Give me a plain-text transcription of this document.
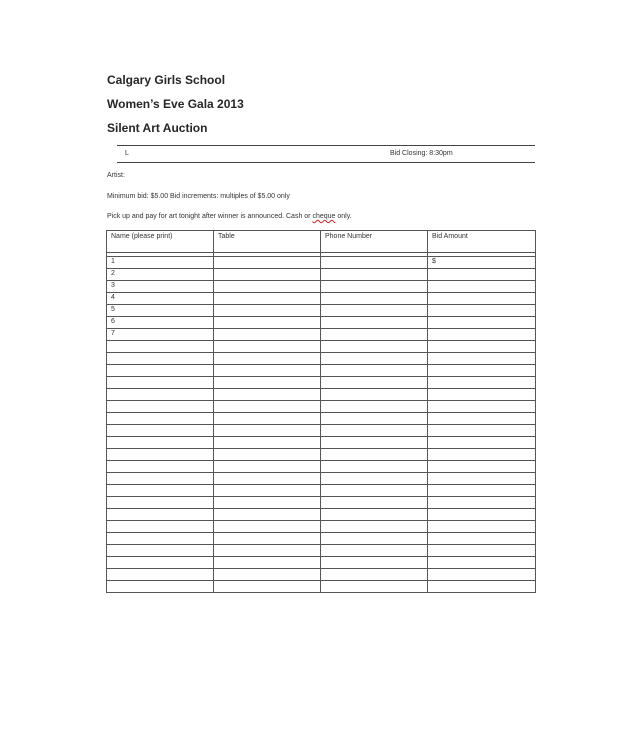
Calgary Girls School
Women’s Eve Gala 2013
Silent Art Auction
L	Bid Closing: 8:30pm
Artist:
Minimum bid: $5.00 Bid increments: multiples of $5.00 only
Pick up and pay for art tonight after winner is announced. Cash or cheque only.
Name (please print)	Table	Phone Number	Bid Amount

1			$
2			
3			
4			
5			
6			
7			
